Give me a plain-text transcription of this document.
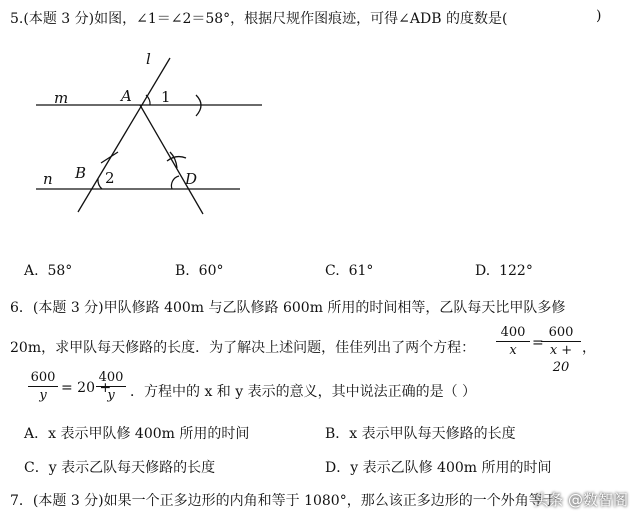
5.(本题 3 分)如图，∠1＝∠2＝58°，根据尺规作图痕迹，可得∠ADB 的度数是(	)
l
m	A 1
n B 2	D
A. 58°	B. 60°	C. 61°	D. 122°
6．(本题 3 分)甲队修路 400m 与乙队修路 600m 所用的时间相等，乙队每天比甲队多修
20m，求甲队每天修路的长度．为了解决上述问题，佳佳列出了两个方程： $\frac{400}{x}$ =
$\frac{600}{x + 20}$ ，
$\frac{600}{y} = 20$ +
$\frac{400}{y}$ ．方程中的 x 和 y 表示的意义，其中说法正确的是（ ）
A．x 表示甲队修 400m 所用的时间	B．x 表示甲队每天修路的长度
C．y 表示乙队每天修路的长度	D．y 表示乙队修 400m 所用的时间
7．(本题 3 分)如果一个正多边形的内角和等于 1080°，那么该正多边形的一个外角等于
头条 @数智阁
